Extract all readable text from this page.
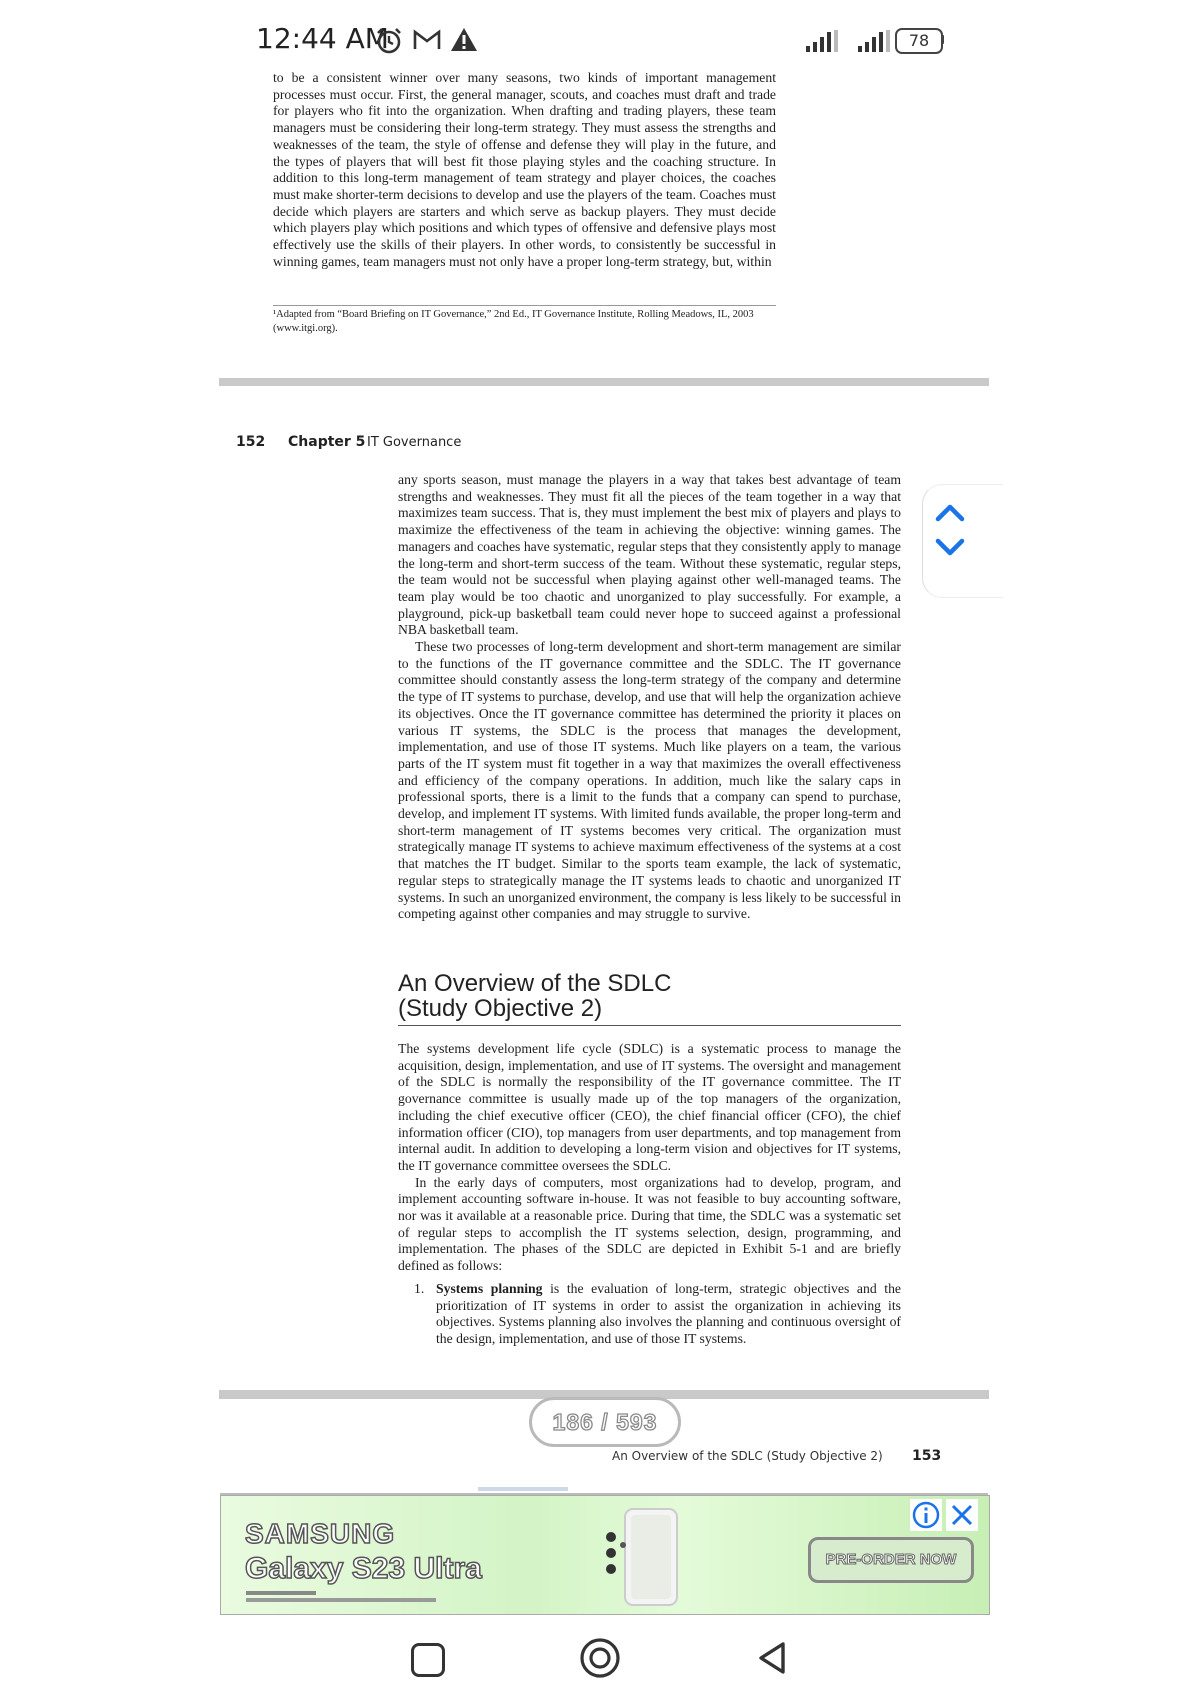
12:44 AM	78
to be a consistent winner over many seasons, two kinds of important management processes must occur. First, the general manager, scouts, and coaches must draft and trade for players who fit into the organization. When drafting and trading players, these team managers must be considering their long-term strategy. They must assess the strengths and weaknesses of the team, the style of offense and defense they will play in the future, and the types of players that will best fit those playing styles and the coaching structure. In addition to this long-term management of team strategy and player choices, the coaches must make shorter-term decisions to develop and use the players of the team. Coaches must decide which players are starters and which serve as backup players. They must decide which players play which positions and which types of offensive and defensive plays most effectively use the skills of their players. In other words, to consistently be successful in winning games, team managers must not only have a proper long-term strategy, but, within
¹Adapted from “Board Briefing on IT Governance,” 2nd Ed., IT Governance Institute, Rolling Meadows, IL, 2003 (www.itgi.org).
152 Chapter 5 IT Governance

any sports season, must manage the players in a way that takes best advantage of team strengths and weaknesses. They must fit all the pieces of the team together in a way that maximizes team success. That is, they must implement the best mix of players and plays to maximize the effectiveness of the team in achieving the objective: winning games. The managers and coaches have systematic, regular steps that they consistently apply to manage the long-term and short-term success of the team. Without these systematic, regular steps, the team would not be successful when playing against other well-managed teams. The team play would be too chaotic and unorganized to play successfully. For example, a playground, pick-up basketball team could never hope to succeed against a professional NBA basketball team.

These two processes of long-term development and short-term management are similar to the functions of the IT governance committee and the SDLC. The IT governance committee should constantly assess the long-term strategy of the company and determine the type of IT systems to purchase, develop, and use that will help the organization achieve its objectives. Once the IT governance committee has determined the priority it places on various IT systems, the SDLC is the process that manages the development, implementation, and use of those IT systems. Much like players on a team, the various parts of the IT system must fit together in a way that maximizes the overall effectiveness and efficiency of the company operations. In addition, much like the salary caps in professional sports, there is a limit to the funds that a company can spend to purchase, develop, and implement IT systems. With limited funds available, the proper long-term and short-term management of IT systems becomes very critical. The organization must strategically manage IT systems to achieve maximum effectiveness of the systems at a cost that matches the IT budget. Similar to the sports team example, the lack of systematic, regular steps to strategically manage the IT systems leads to chaotic and unorganized IT systems. In such an unorganized environment, the company is less likely to be successful in competing against other companies and may struggle to survive.

An Overview of the SDLC
(Study Objective 2)

The systems development life cycle (SDLC) is a systematic process to manage the acquisition, design, implementation, and use of IT systems. The oversight and management of the SDLC is normally the responsibility of the IT governance committee. The IT governance committee is usually made up of the top managers of the organization, including the chief executive officer (CEO), the chief financial officer (CFO), the chief information officer (CIO), top managers from user departments, and top management from internal audit. In addition to developing a long-term vision and objectives for IT systems, the IT governance committee oversees the SDLC.

In the early days of computers, most organizations had to develop, program, and implement accounting software in-house. It was not feasible to buy accounting software, nor was it available at a reasonable price. During that time, the SDLC was a systematic set of regular steps to accomplish the IT systems selection, design, programming, and implementation. The phases of the SDLC are depicted in Exhibit 5-1 and are briefly defined as follows:

1. Systems planning is the evaluation of long-term, strategic objectives and the prioritization of IT systems in order to assist the organization in achieving its objectives. Systems planning also involves the planning and continuous oversight of the design, implementation, and use of those IT systems.
186 / 593
An Overview of the SDLC (Study Objective 2) 153
SAMSUNG
Galaxy S23 Ultra	PRE-ORDER NOW
